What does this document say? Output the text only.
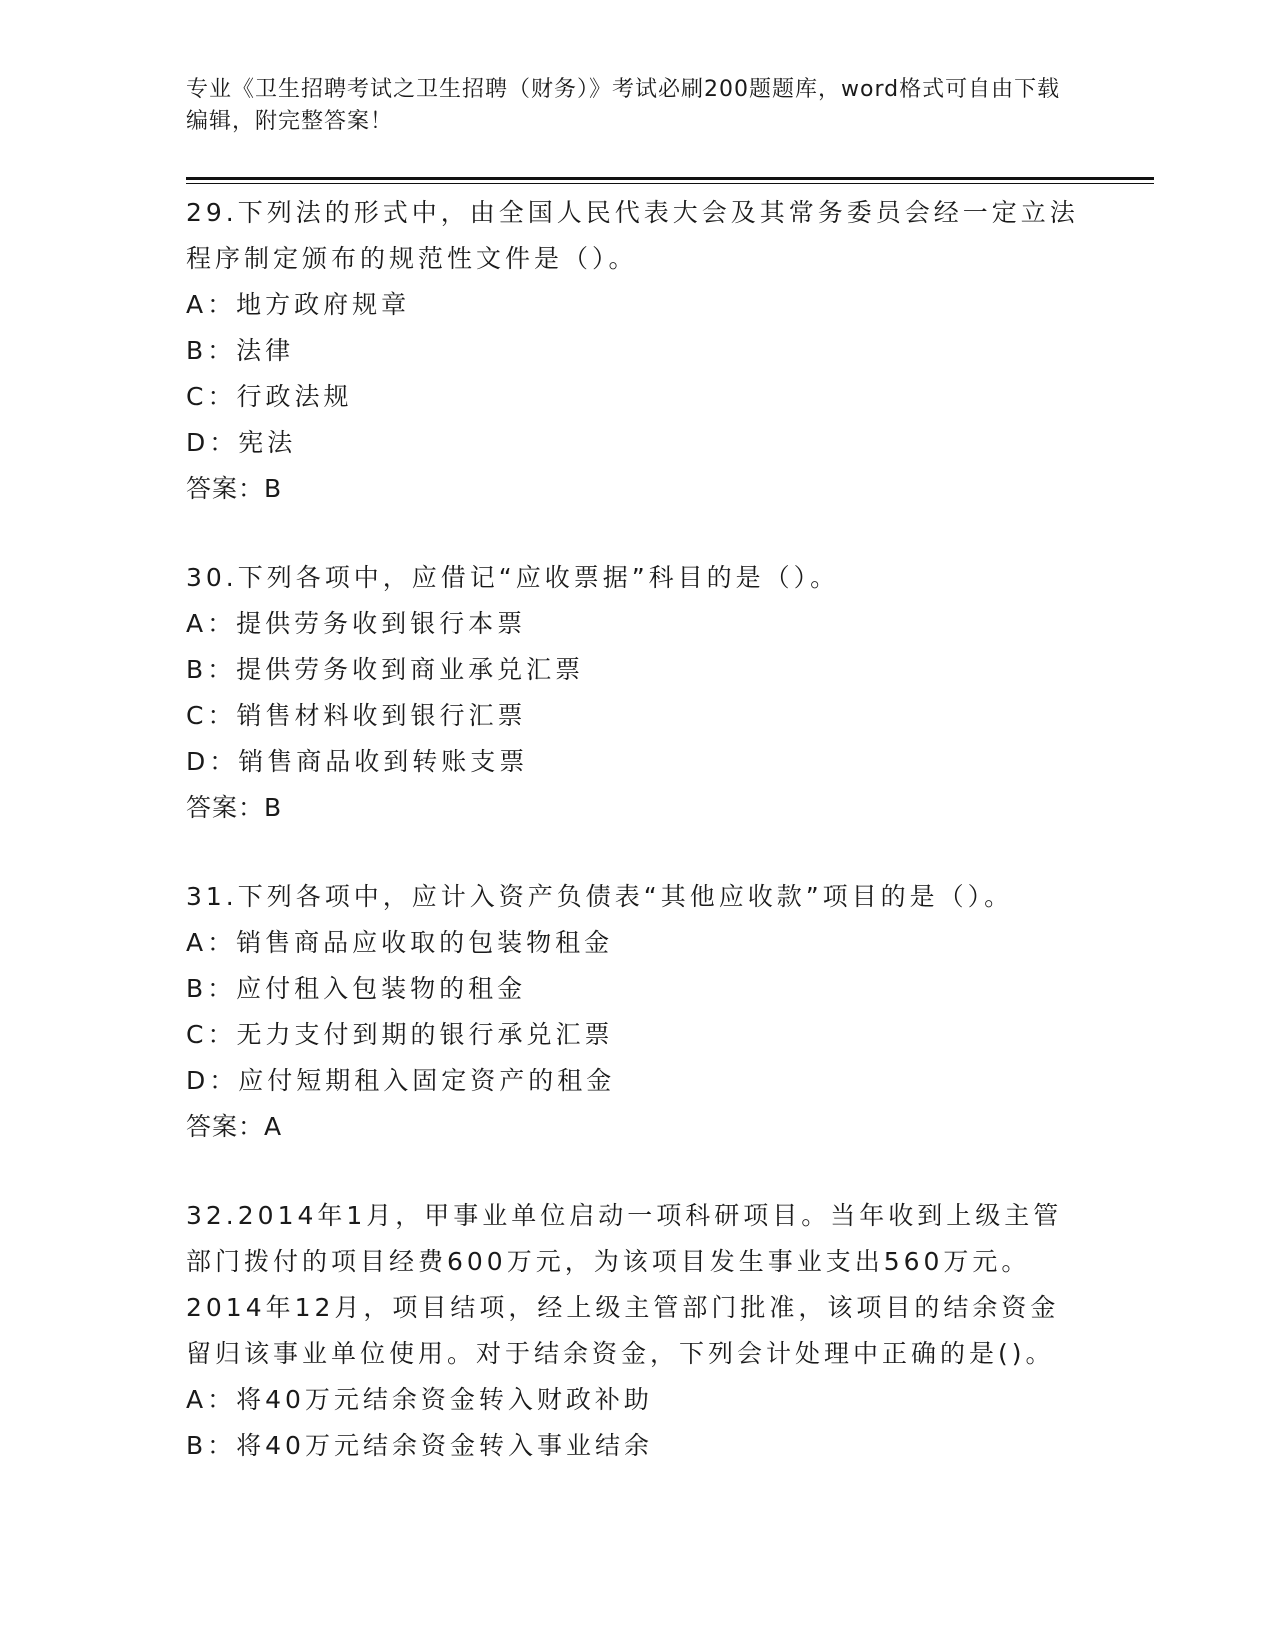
专业《卫生招聘考试之卫生招聘（财务）》考试必刷200题题库，word格式可自由下载编辑，附完整答案！
29.下列法的形式中，由全国人民代表大会及其常务委员会经一定立法程序制定颁布的规范性文件是（）。
A：地方政府规章
B：法律
C：行政法规
D：宪法
答案：B
30.下列各项中，应借记“应收票据”科目的是（）。
A：提供劳务收到银行本票
B：提供劳务收到商业承兑汇票
C：销售材料收到银行汇票
D：销售商品收到转账支票
答案：B
31.下列各项中，应计入资产负债表“其他应收款”项目的是（）。
A：销售商品应收取的包装物租金
B：应付租入包装物的租金
C：无力支付到期的银行承兑汇票
D：应付短期租入固定资产的租金
答案：A
32.2014年1月，甲事业单位启动一项科研项目。当年收到上级主管部门拨付的项目经费600万元，为该项目发生事业支出560万元。2014年12月，项目结项，经上级主管部门批准，该项目的结余资金留归该事业单位使用。对于结余资金，下列会计处理中正确的是()。
A：将40万元结余资金转入财政补助
B：将40万元结余资金转入事业结余
